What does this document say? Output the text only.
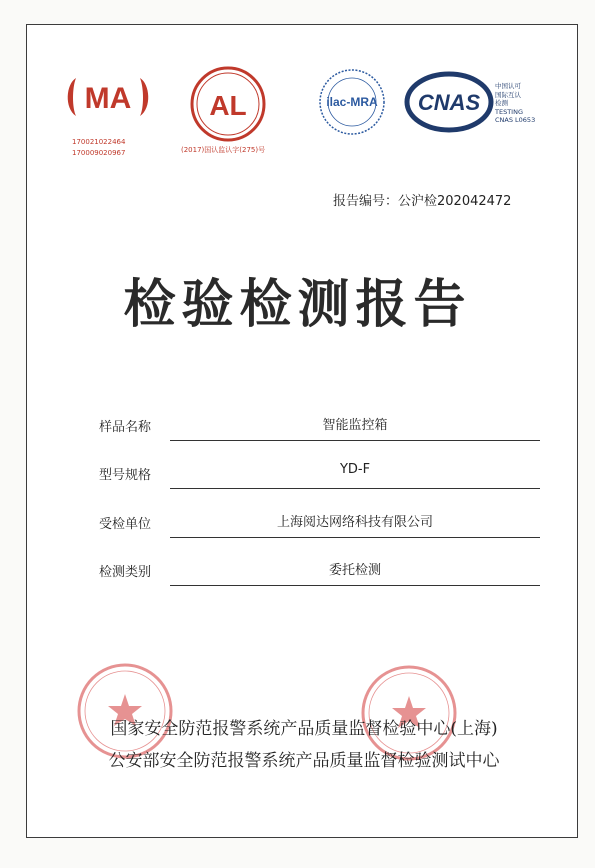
MA
170021022464
170009020967
AL
(2017)国认监认字(275)号
ilac-MRA CNAS
中国认可
国际互认
检测
TESTING
CNAS L0653
报告编号：公沪检202042472
检验检测报告
样品名称	智能监控箱
型号规格	YD-F
受检单位	上海阅达网络科技有限公司
检测类别	委托检测
国家安全防范报警系统产品质量监督检验中心(上海)
公安部安全防范报警系统产品质量监督检验测试中心
